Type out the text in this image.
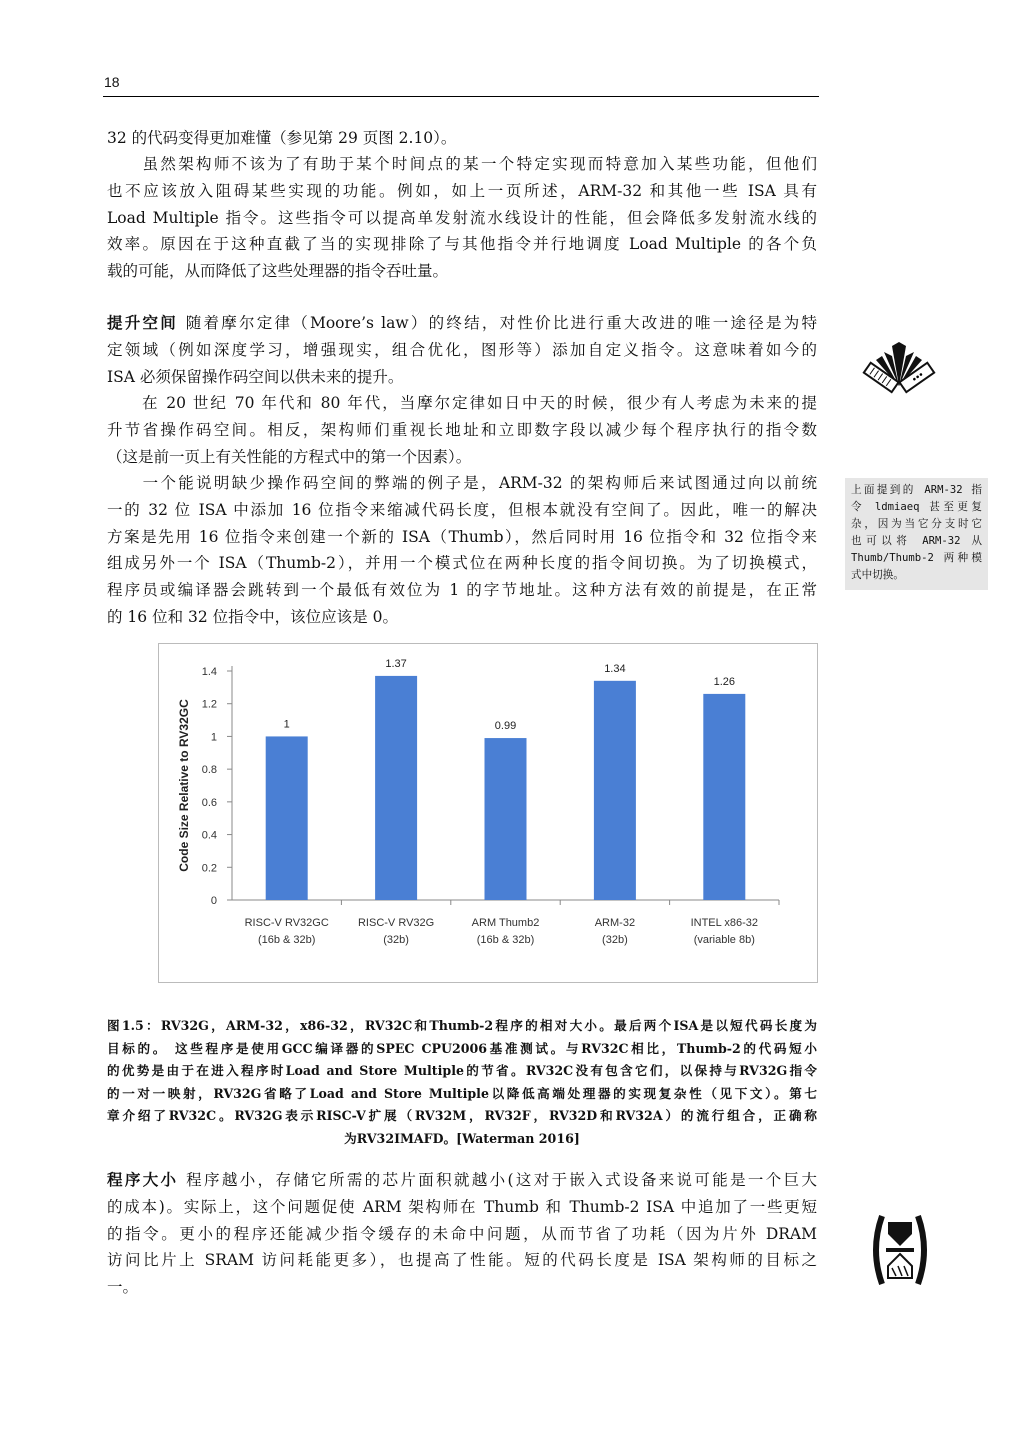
18
32 的代码变得更加难懂（参见第 29 页图 2.10）。
　　虽然架构师不该为了有助于某个时间点的某一个特定实现而特意加入某些功能，但他们
也不应该放入阻碍某些实现的功能。例如，如上一页所述，ARM-32 和其他一些 ISA 具有
Load Multiple 指令。这些指令可以提高单发射流水线设计的性能，但会降低多发射流水线的
效率。原因在于这种直截了当的实现排除了与其他指令并行地调度 Load Multiple 的各个负
载的可能，从而降低了这些处理器的指令吞吐量。
提升空间 随着摩尔定律（Moore’s law）的终结，对性价比进行重大改进的唯一途径是为特
定领域（例如深度学习，增强现实，组合优化，图形等）添加自定义指令。这意味着如今的
ISA 必须保留操作码空间以供未来的提升。
　　在 20 世纪 70 年代和 80 年代，当摩尔定律如日中天的时候，很少有人考虑为未来的提
升节省操作码空间。相反，架构师们重视长地址和立即数字段以减少每个程序执行的指令数
（这是前一页上有关性能的方程式中的第一个因素）。
　　一个能说明缺少操作码空间的弊端的例子是，ARM-32 的架构师后来试图通过向以前统
一的 32 位 ISA 中添加 16 位指令来缩减代码长度，但根本就没有空间了。因此，唯一的解决
方案是先用 16 位指令来创建一个新的 ISA（Thumb），然后同时用 16 位指令和 32 位指令来
组成另外一个 ISA（Thumb-2），并用一个模式位在两种长度的指令间切换。为了切换模式，
程序员或编译器会跳转到一个最低有效位为 1 的字节地址。这种方法有效的前提是，在正常
的 16 位和 32 位指令中，该位应该是 0。
上面提到的 ARM-32 指
令 ldmiaeq 甚至更复
杂，因为当它分支时它
也可以将 ARM-32 从
Thumb/Thumb-2 两种模
式中切换。
0
0.2
0.4
0.6
0.8
1
1.2
1.4
1
RISC-V RV32GC
(16b & 32b)
1.37
RISC-V RV32G
(32b)
0.99
ARM Thumb2
(16b & 32b)
1.34
ARM-32
(32b)
1.26
INTEL x86-32
(variable 8b)
Code Size Relative to RV32GC
图1.5：RV32G，ARM-32，x86-32，RV32C和Thumb-2程序的相对大小。最后两个ISA是以短代码长度为
目标的。 这些程序是使用GCC编译器的SPEC CPU2006基准测试。与RV32C相比，Thumb-2的代码短小
的优势是由于在进入程序时Load and Store Multiple的节省。RV32C没有包含它们，以保持与RV32G指令
的一对一映射，RV32G省略了Load and Store Multiple以降低高端处理器的实现复杂性（见下文）。第七
章介绍了RV32C。RV32G表示RISC-V扩展（RV32M，RV32F，RV32D和RV32A）的流行组合，正确称
为RV32IMAFD。[Waterman 2016]
程序大小 程序越小，存储它所需的芯片面积就越小(这对于嵌入式设备来说可能是一个巨大
的成本)。实际上，这个问题促使 ARM 架构师在 Thumb 和 Thumb-2 ISA 中追加了一些更短
的指令。更小的程序还能减少指令缓存的未命中问题，从而节省了功耗（因为片外 DRAM
访问比片上 SRAM 访问耗能更多），也提高了性能。短的代码长度是 ISA 架构师的目标之
一。
